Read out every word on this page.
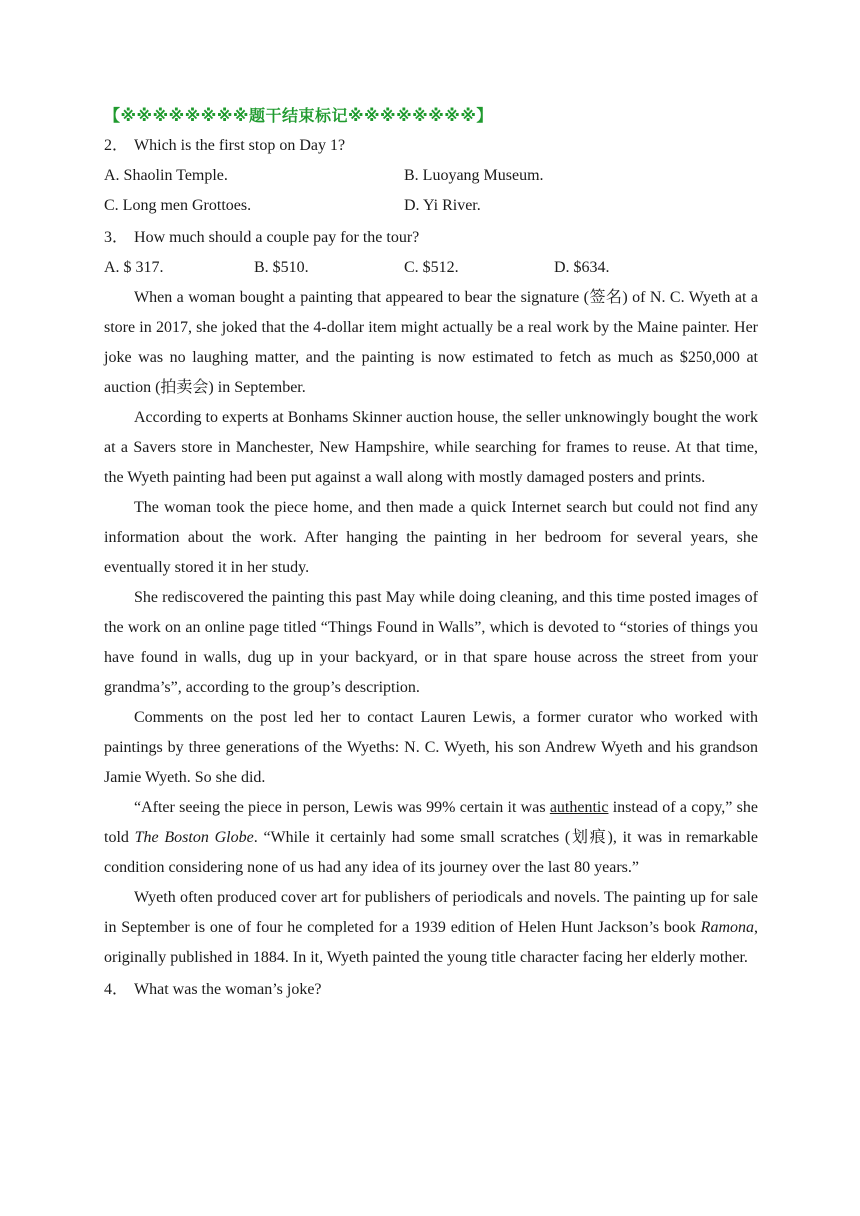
【※※※※※※※※题干结束标记※※※※※※※※】
2． Which is the first stop on Day 1?
A. Shaolin Temple.	B. Luoyang Museum.
C. Long men Grottoes.	D. Yi River.
3． How much should a couple pay for the tour?
A. $ 317.	B. $510.	C. $512.	D. $634.

When a woman bought a painting that appeared to bear the signature (签名) of N. C. Wyeth at a store in 2017, she joked that the 4-dollar item might actually be a real work by the Maine painter. Her joke was no laughing matter, and the painting is now estimated to fetch as much as $250,000 at auction (拍卖会) in September.

According to experts at Bonhams Skinner auction house, the seller unknowingly bought the work at a Savers store in Manchester, New Hampshire, while searching for frames to reuse. At that time, the Wyeth painting had been put against a wall along with mostly damaged posters and prints.

The woman took the piece home, and then made a quick Internet search but could not find any information about the work. After hanging the painting in her bedroom for several years, she eventually stored it in her study.

She rediscovered the painting this past May while doing cleaning, and this time posted images of the work on an online page titled “Things Found in Walls”, which is devoted to “stories of things you have found in walls, dug up in your backyard, or in that spare house across the street from your grandma’s”, according to the group’s description.

Comments on the post led her to contact Lauren Lewis, a former curator who worked with paintings by three generations of the Wyeths: N. C. Wyeth, his son Andrew Wyeth and his grandson Jamie Wyeth. So she did.

“After seeing the piece in person, Lewis was 99% certain it was authentic instead of a copy,” she told The Boston Globe. “While it certainly had some small scratches (划痕), it was in remarkable condition considering none of us had any idea of its journey over the last 80 years.”

Wyeth often produced cover art for publishers of periodicals and novels. The painting up for sale in September is one of four he completed for a 1939 edition of Helen Hunt Jackson’s book Ramona, originally published in 1884. In it, Wyeth painted the young title character facing her elderly mother.

4． What was the woman’s joke?
